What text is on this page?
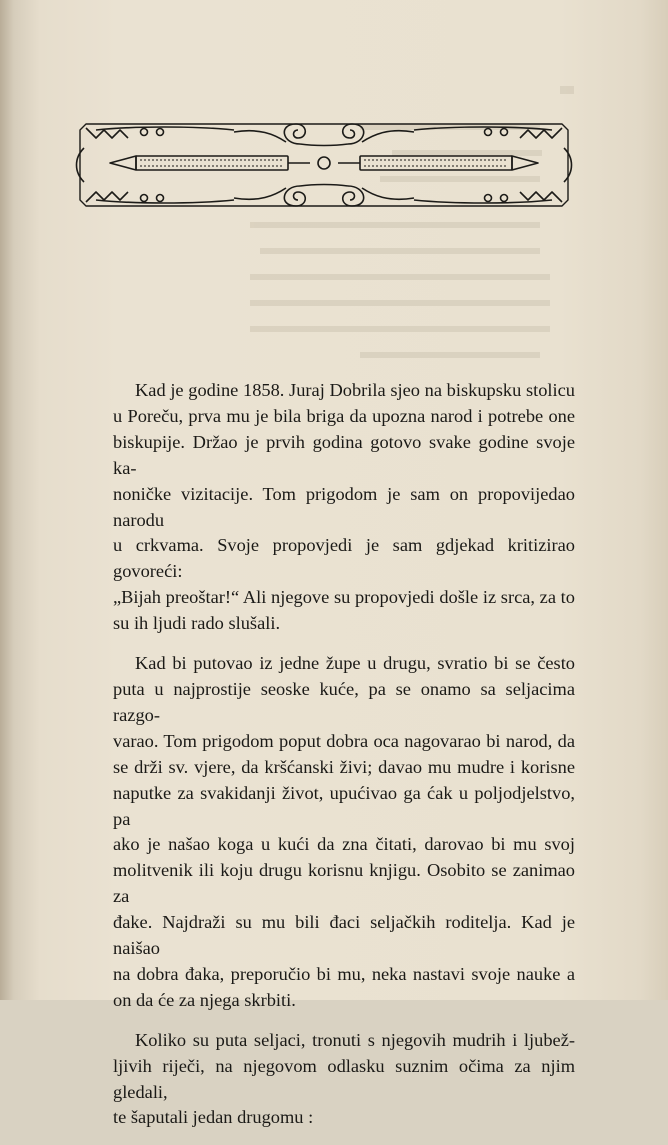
Kad je godine 1858. Juraj Dobrila sjeo na biskupsku stolicu
u Poreču, prva mu je bila briga da upozna narod i potrebe one
biskupije. Držao je prvih godina gotovo svake godine svoje ka-
noničke vizitacije. Tom prigodom je sam on propovijedao narodu
u crkvama. Svoje propovjedi je sam gdjekad kritizirao govoreći:
„Bijah preoštar!“ Ali njegove su propovjedi došle iz srca, za to
su ih ljudi rado slušali.

Kad bi putovao iz jedne župe u drugu, svratio bi se često
puta u najprostije seoske kuće, pa se onamo sa seljacima razgo-
varao. Tom prigodom poput dobra oca nagovarao bi narod, da
se drži sv. vjere, da kršćanski živi; davao mu mudre i korisne
naputke za svakidanji život, upućivao ga ćak u poljodjelstvo, pa
ako je našao koga u kući da zna čitati, darovao bi mu svoj
molitvenik ili koju drugu korisnu knjigu. Osobito se zanimao za
đake. Najdraži su mu bili đaci seljačkih roditelja. Kad je naišao
na dobra đaka, preporučio bi mu, neka nastavi svoje nauke a
on da će za njega skrbiti.

Koliko su puta seljaci, tronuti s njegovih mudrih i ljubež-
ljivih riječi, na njegovom odlasku suznim očima za njim gledali,
te šaputali jedan drugomu :
